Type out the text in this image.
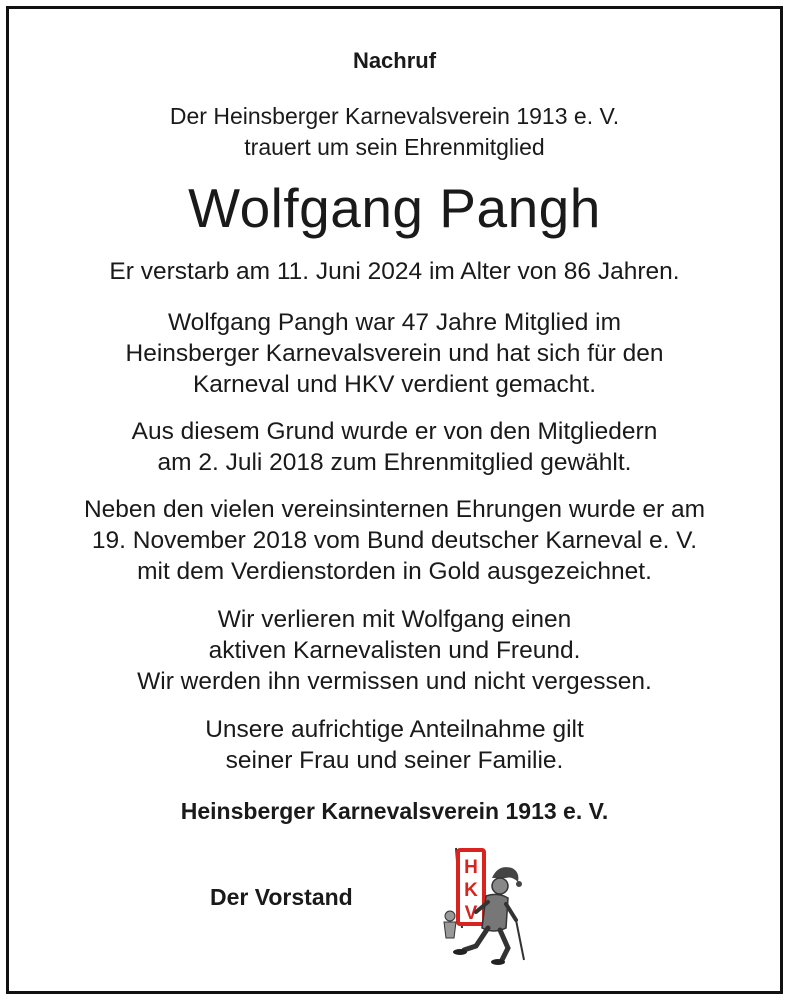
Nachruf

Der Heinsberger Karnevalsverein 1913 e. V.

trauert um sein Ehrenmitglied

Wolfgang Pangh

Er verstarb am 11. Juni 2024 im Alter von 86 Jahren.

Wolfgang Pangh war 47 Jahre Mitglied im

Heinsberger Karnevalsverein und hat sich für den

Karneval und HKV verdient gemacht.

Aus diesem Grund wurde er von den Mitgliedern

am 2. Juli 2018 zum Ehrenmitglied gewählt.

Neben den vielen vereinsinternen Ehrungen wurde er am

19. November 2018 vom Bund deutscher Karneval e. V.

mit dem Verdienstorden in Gold ausgezeichnet.

Wir verlieren mit Wolfgang einen

aktiven Karnevalisten und Freund.

Wir werden ihn vermissen und nicht vergessen.

Unsere aufrichtige Anteilnahme gilt

seiner Frau und seiner Familie.

Heinsberger Karnevalsverein 1913 e. V.

Der Vorstand

H
K
V
